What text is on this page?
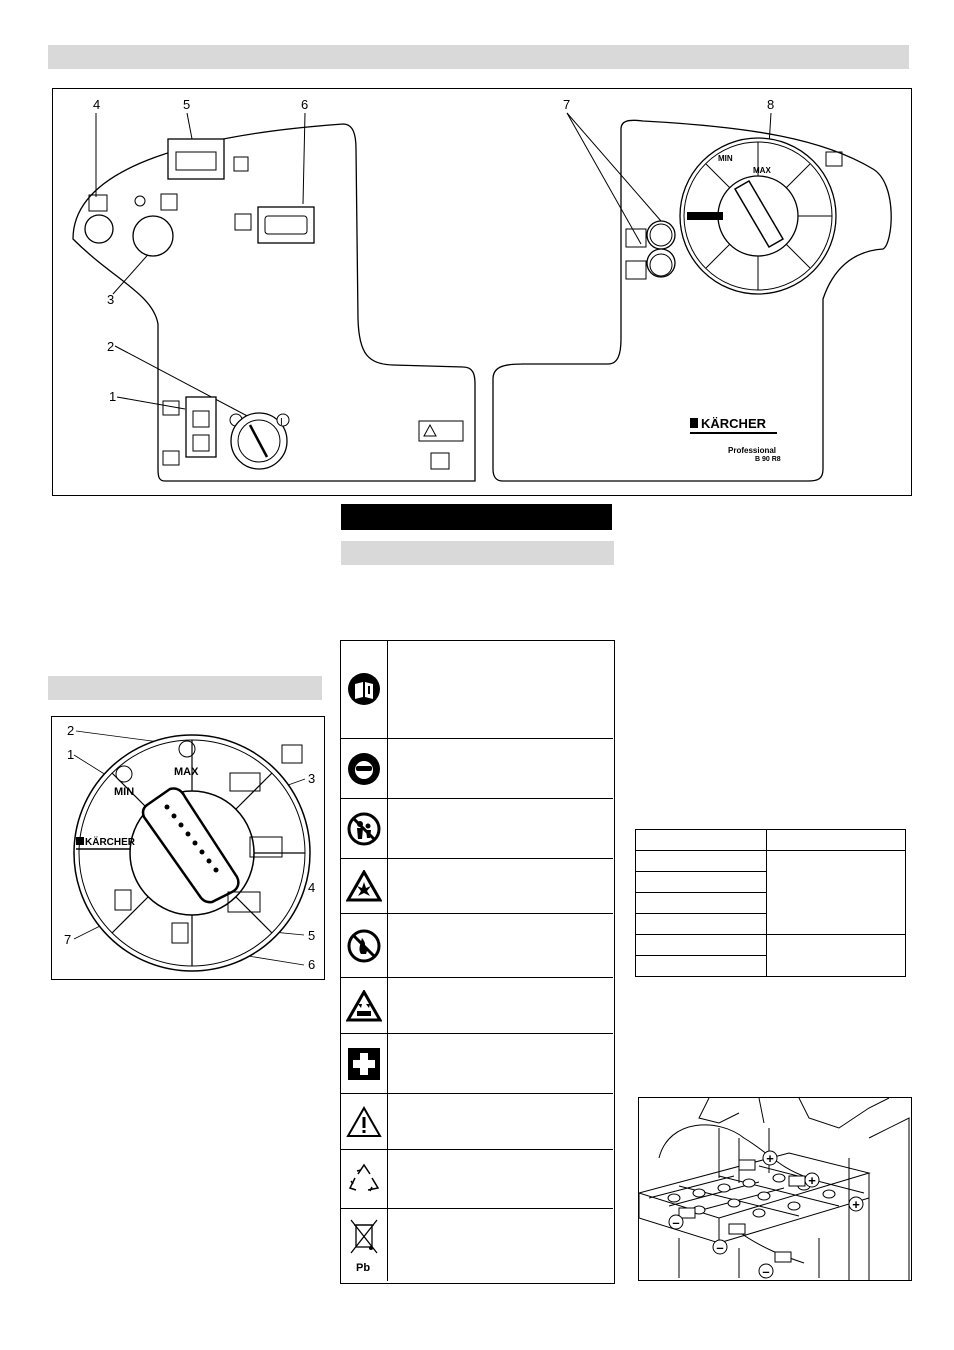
4	5	6	7	8
3
2
1
I
MIN
MAX
KÄRCHER
Professional
B 90 R8
2
1
3
4
5
6
7
MIN
MAX
KÄRCHER
Pb

+
+
+
–
–
–
